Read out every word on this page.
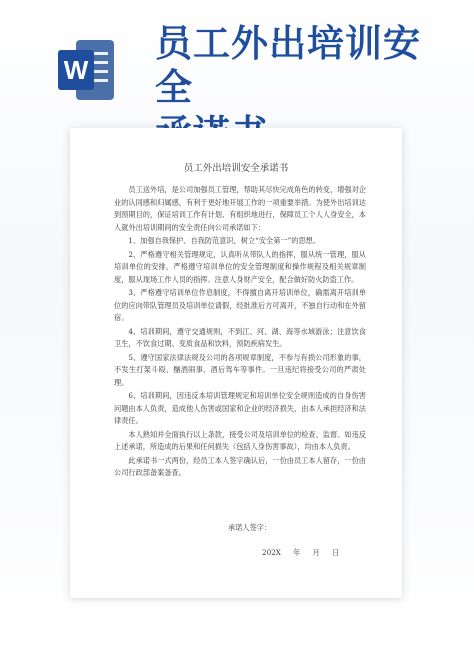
W
员工外出培训安全
员工外出培训安全承诺书

员工送外培，是公司加强员工管理，帮助其尽快完成角色的转变，增强对企业的认同感和归属感，有利于更好地开展工作的一项重要举措。为使外出培训达到预期目的，保证培训工作有计划、有组织地进行，保障员工个人人身安全，本人就外出培训期间的安全责任向公司承诺如下：

1、加强自我保护、自我防范意识，树立“安全第一”的思想。

2、严格遵守相关管理规定，认真听从带队人的指挥，服从统一管理，服从培训单位的安排，严格遵守培训单位的安全管理制度和操作规程及相关规章制度，服从现场工作人员的指挥。注意人身财产安全，配合做好防火防盗工作。

3、严格遵守培训单位作息制度，不得擅自离开培训单位，确需离开培训单位的应向带队管理员及培训单位请假，经批准后方可离开，不独自行动和在外留宿。

4、培训期间，遵守交通规则，不到江、河、湖、海等水域游泳；注意饮食卫生，不饮食过期、变质食品和饮料，预防疾病发生。

5、遵守国家法律法规及公司的各项规章制度，不参与有损公司形象的事，不发生打架斗殴、酗酒闹事、酒后驾车等事件。一旦违纪将接受公司的严肃处理。

6、培训期间，因违反本培训管理规定和培训单位安全规则造成的自身伤害问题由本人负责，造成他人伤害或国家和企业的经济损失，由本人承担经济和法律责任。

本人熟知并全面执行以上条款，接受公司及培训单位的检查、监督。如违反上述承诺，所造成的后果和任何损失（包括人身伤害事故），均由本人负责。

此承诺书一式两份，经员工本人签字确认后，一份由员工本人留存，一份由公司行政部备案备查。

承诺人签字：
202X 年 月 日
